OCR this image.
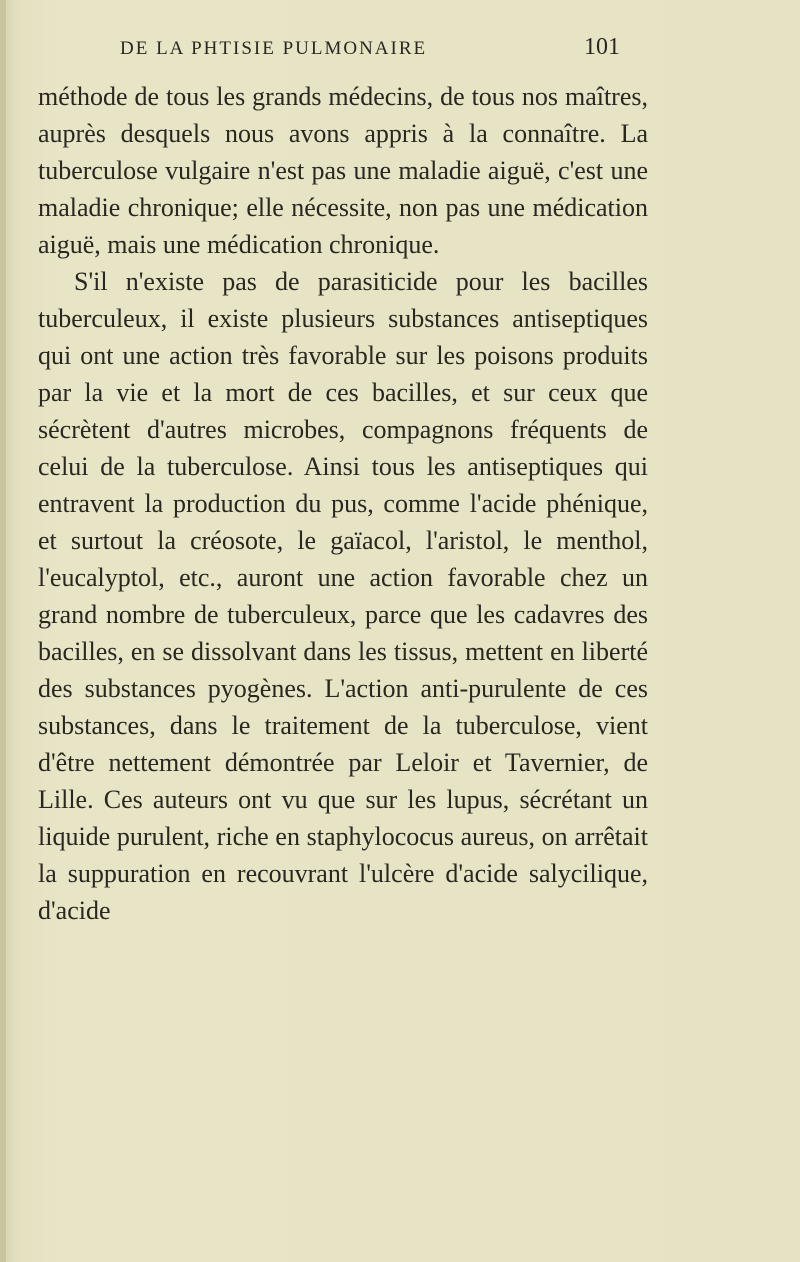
DE LA PHTISIE PULMONAIRE	101

méthode de tous les grands médecins, de tous nos maîtres, auprès desquels nous avons appris à la connaître. La tuberculose vulgaire n'est pas une maladie aiguë, c'est une maladie chronique; elle nécessite, non pas une médication aiguë, mais une médication chronique.

S'il n'existe pas de parasiticide pour les bacilles tuberculeux, il existe plusieurs substances antiseptiques qui ont une action très favorable sur les poisons produits par la vie et la mort de ces bacilles, et sur ceux que sécrètent d'autres microbes, compagnons fréquents de celui de la tuberculose. Ainsi tous les antiseptiques qui entravent la production du pus, comme l'acide phénique, et surtout la créosote, le gaïacol, l'aristol, le menthol, l'eucalyptol, etc., auront une action favorable chez un grand nombre de tuberculeux, parce que les cadavres des bacilles, en se dissolvant dans les tissus, mettent en liberté des substances pyogènes. L'action anti-purulente de ces substances, dans le traitement de la tuberculose, vient d'être nettement démontrée par Leloir et Tavernier, de Lille. Ces auteurs ont vu que sur les lupus, sécrétant un liquide purulent, riche en staphylococus aureus, on arrêtait la suppuration en recouvrant l'ulcère d'acide salycilique, d'acide
